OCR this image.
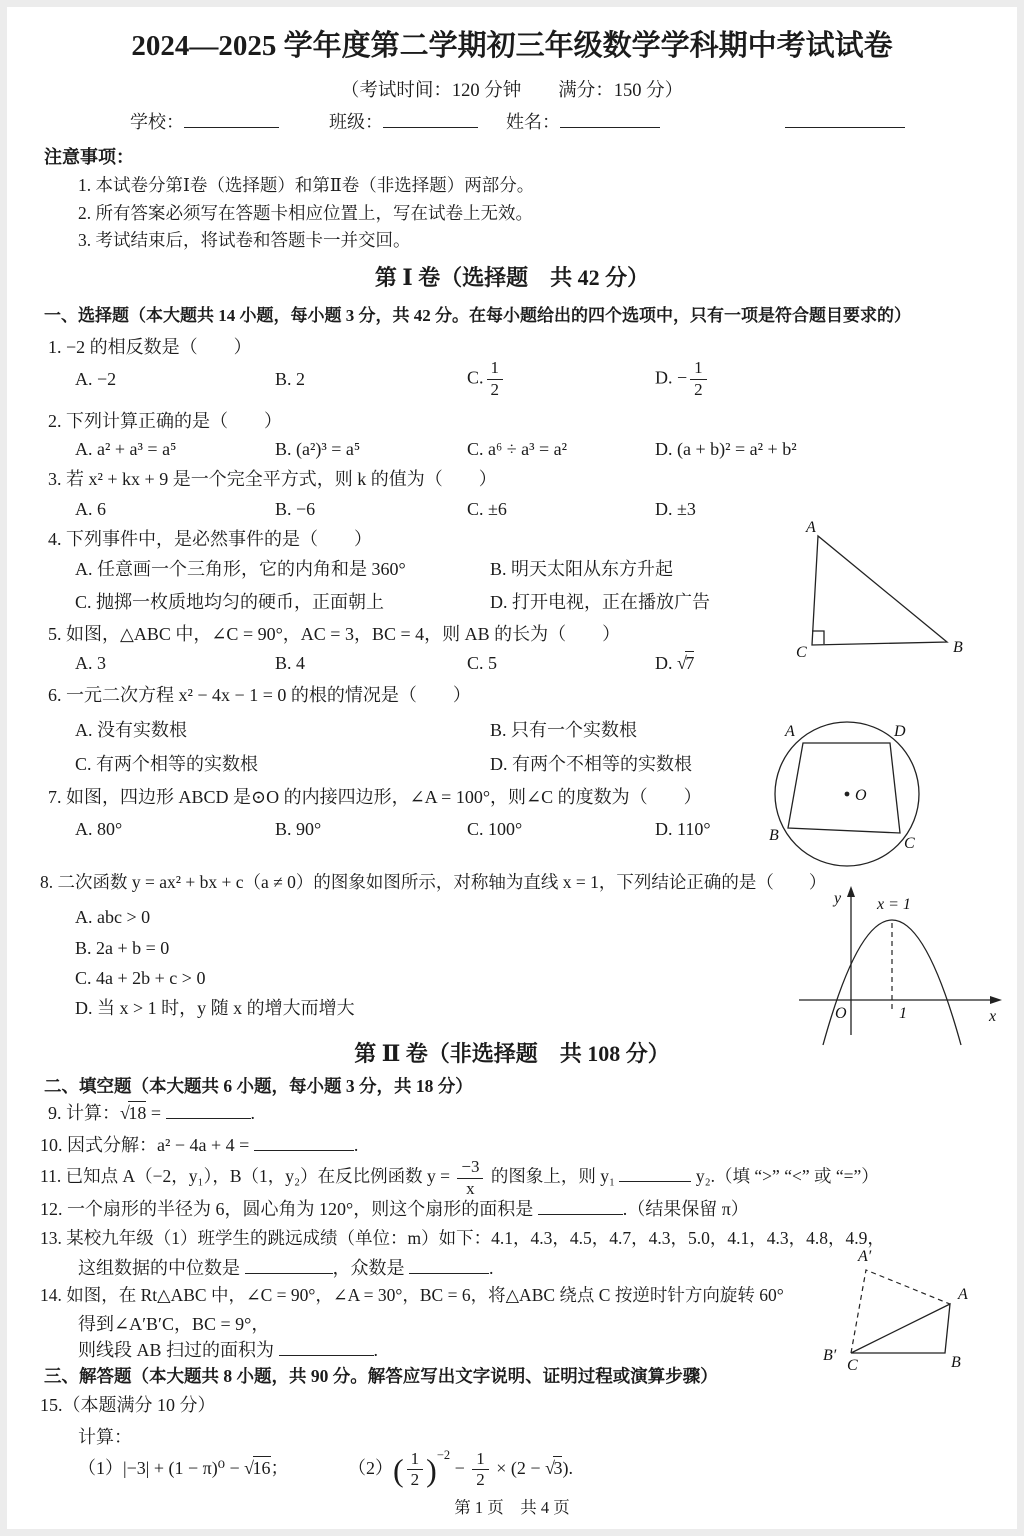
2024—2025 学年度第二学期初三年级数学学科期中考试试卷
（考试时间：120 分钟　　满分：150 分）
学校：	班级：	姓名：
注意事项：
1. 本试卷分第Ⅰ卷（选择题）和第Ⅱ卷（非选择题）两部分。
2. 所有答案必须写在答题卡相应位置上，写在试卷上无效。
3. 考试结束后，将试卷和答题卡一并交回。
第 Ⅰ 卷（选择题　共 42 分）
一、选择题（本大题共 14 小题，每小题 3 分，共 42 分。在每小题给出的四个选项中，只有一项是符合题目要求的）
1. −2 的相反数是（　　）
A. −2	B. 2	C. $\frac{1}{2}$	D. − $\frac{1}{2}$
2. 下列计算正确的是（　　）
A. a² + a³ = a⁵	B. (a²)³ = a⁵	C. a⁶ ÷ a³ = a²	D. (a + b)² = a² + b²
3. 若 x² + kx + 9 是一个完全平方式，则 k 的值为（　　）
A. 6	B. −6	C. ±6	D. ±3
4. 下列事件中，是必然事件的是（　　）
A. 任意画一个三角形，它的内角和是 360°	B. 明天太阳从东方升起
C. 抛掷一枚质地均匀的硬币，正面朝上	D. 打开电视，正在播放广告
5. 如图，△ABC 中，∠C = 90°，AC = 3，BC = 4，则 AB 的长为（　　）
A. 3	B. 4	C. 5	D. √7
6. 一元二次方程 x² − 4x − 1 = 0 的根的情况是（　　）
A. 没有实数根	B. 只有一个实数根
C. 有两个相等的实数根	D. 有两个不相等的实数根
7. 如图，四边形 ABCD 是⊙O 的内接四边形，∠A = 100°，则∠C 的度数为（　　）
A. 80°	B. 90°	C. 100°	D. 110°
8. 二次函数 y = ax² + bx + c（a ≠ 0）的图象如图所示，对称轴为直线 x = 1，下列结论正确的是（　　）
A. abc > 0
B. 2a + b = 0
C. 4a + 2b + c > 0
D. 当 x > 1 时，y 随 x 的增大而增大
A
C	B
O
A	D
B	C
y x = 1
O	1	x
A′
A
B
C
B′
第 Ⅱ 卷（非选择题　共 108 分）
二、填空题（本大题共 6 小题，每小题 3 分，共 18 分）
9. 计算：√18 =	.
10. 因式分解：a² − 4a + 4 =	.
11. 已知点 A（−2，y₁），B（1，y₂）在反比例函数 $y = \frac{-3}{x}$ 的图象上，则 y₁	y₂.（填 “>” “<” 或 “=”）
12. 一个扇形的半径为 6，圆心角为 120°，则这个扇形的面积是	.（结果保留 π）
13. 某校九年级（1）班学生的跳远成绩（单位：m）如下：4.1，4.3，4.5，4.7，4.3，5.0，4.1，4.3，4.8，4.9，
这组数据的中位数是	，众数是	.
14. 如图，在 Rt△ABC 中，∠C = 90°，∠A = 30°，BC = 6，将△ABC 绕点 C 按逆时针方向旋转 60°
得到∠A′B′C，BC = 9°，
则线段 AB 扫过的面积为	.
三、解答题（本大题共 8 小题，共 90 分。解答应写出文字说明、证明过程或演算步骤）
15.（本题满分 10 分）
计算：
（1）|−3| + (1 − π)⁰ − √16；	$(2)( \frac{1}{2} )^{-2} - \frac{1}{2} \times (2 - √3)$.
第 1 页　共 4 页
